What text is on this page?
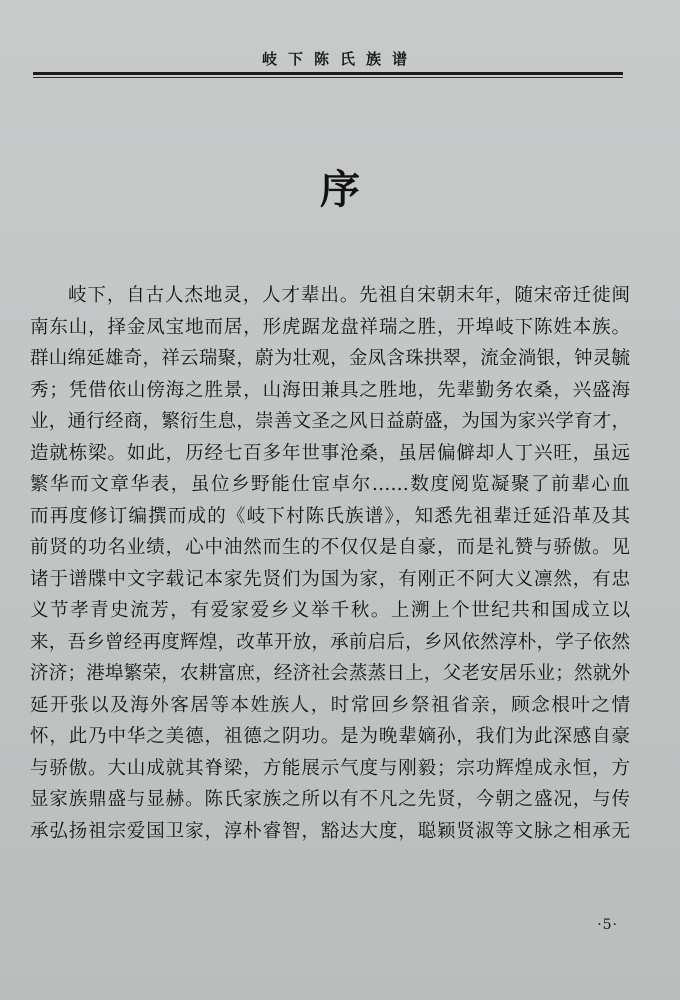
岐下陈氏族谱
序
岐下，自古人杰地灵，人才辈出。先祖自宋朝末年，随宋帝迁徙闽
南东山，择金凤宝地而居，形虎踞龙盘祥瑞之胜，开埠岐下陈姓本族。
群山绵延雄奇，祥云瑞聚，蔚为壮观，金凤含珠拱翠，流金淌银，钟灵毓
秀；凭借依山傍海之胜景，山海田兼具之胜地，先辈勤务农桑，兴盛海
业，通行经商，繁衍生息，崇善文圣之风日益蔚盛，为国为家兴学育才，
造就栋梁。如此，历经七百多年世事沧桑，虽居偏僻却人丁兴旺，虽远
繁华而文章华表，虽位乡野能仕宦卓尔……数度阅览凝聚了前辈心血
而再度修订编撰而成的《岐下村陈氏族谱》，知悉先祖辈迁延沿革及其
前贤的功名业绩，心中油然而生的不仅仅是自豪，而是礼赞与骄傲。见
诸于谱牒中文字载记本家先贤们为国为家，有刚正不阿大义凛然，有忠
义节孝青史流芳，有爱家爱乡义举千秋。上溯上个世纪共和国成立以
来，吾乡曾经再度辉煌，改革开放，承前启后，乡风依然淳朴，学子依然
济济；港埠繁荣，农耕富庶，经济社会蒸蒸日上，父老安居乐业；然就外
延开张以及海外客居等本姓族人，时常回乡祭祖省亲，顾念根叶之情
怀，此乃中华之美德，祖德之阴功。是为晚辈嫡孙，我们为此深感自豪
与骄傲。大山成就其脊梁，方能展示气度与刚毅；宗功辉煌成永恒，方
显家族鼎盛与显赫。陈氏家族之所以有不凡之先贤，今朝之盛况，与传
承弘扬祖宗爱国卫家，淳朴睿智，豁达大度，聪颖贤淑等文脉之相承无
·5·
